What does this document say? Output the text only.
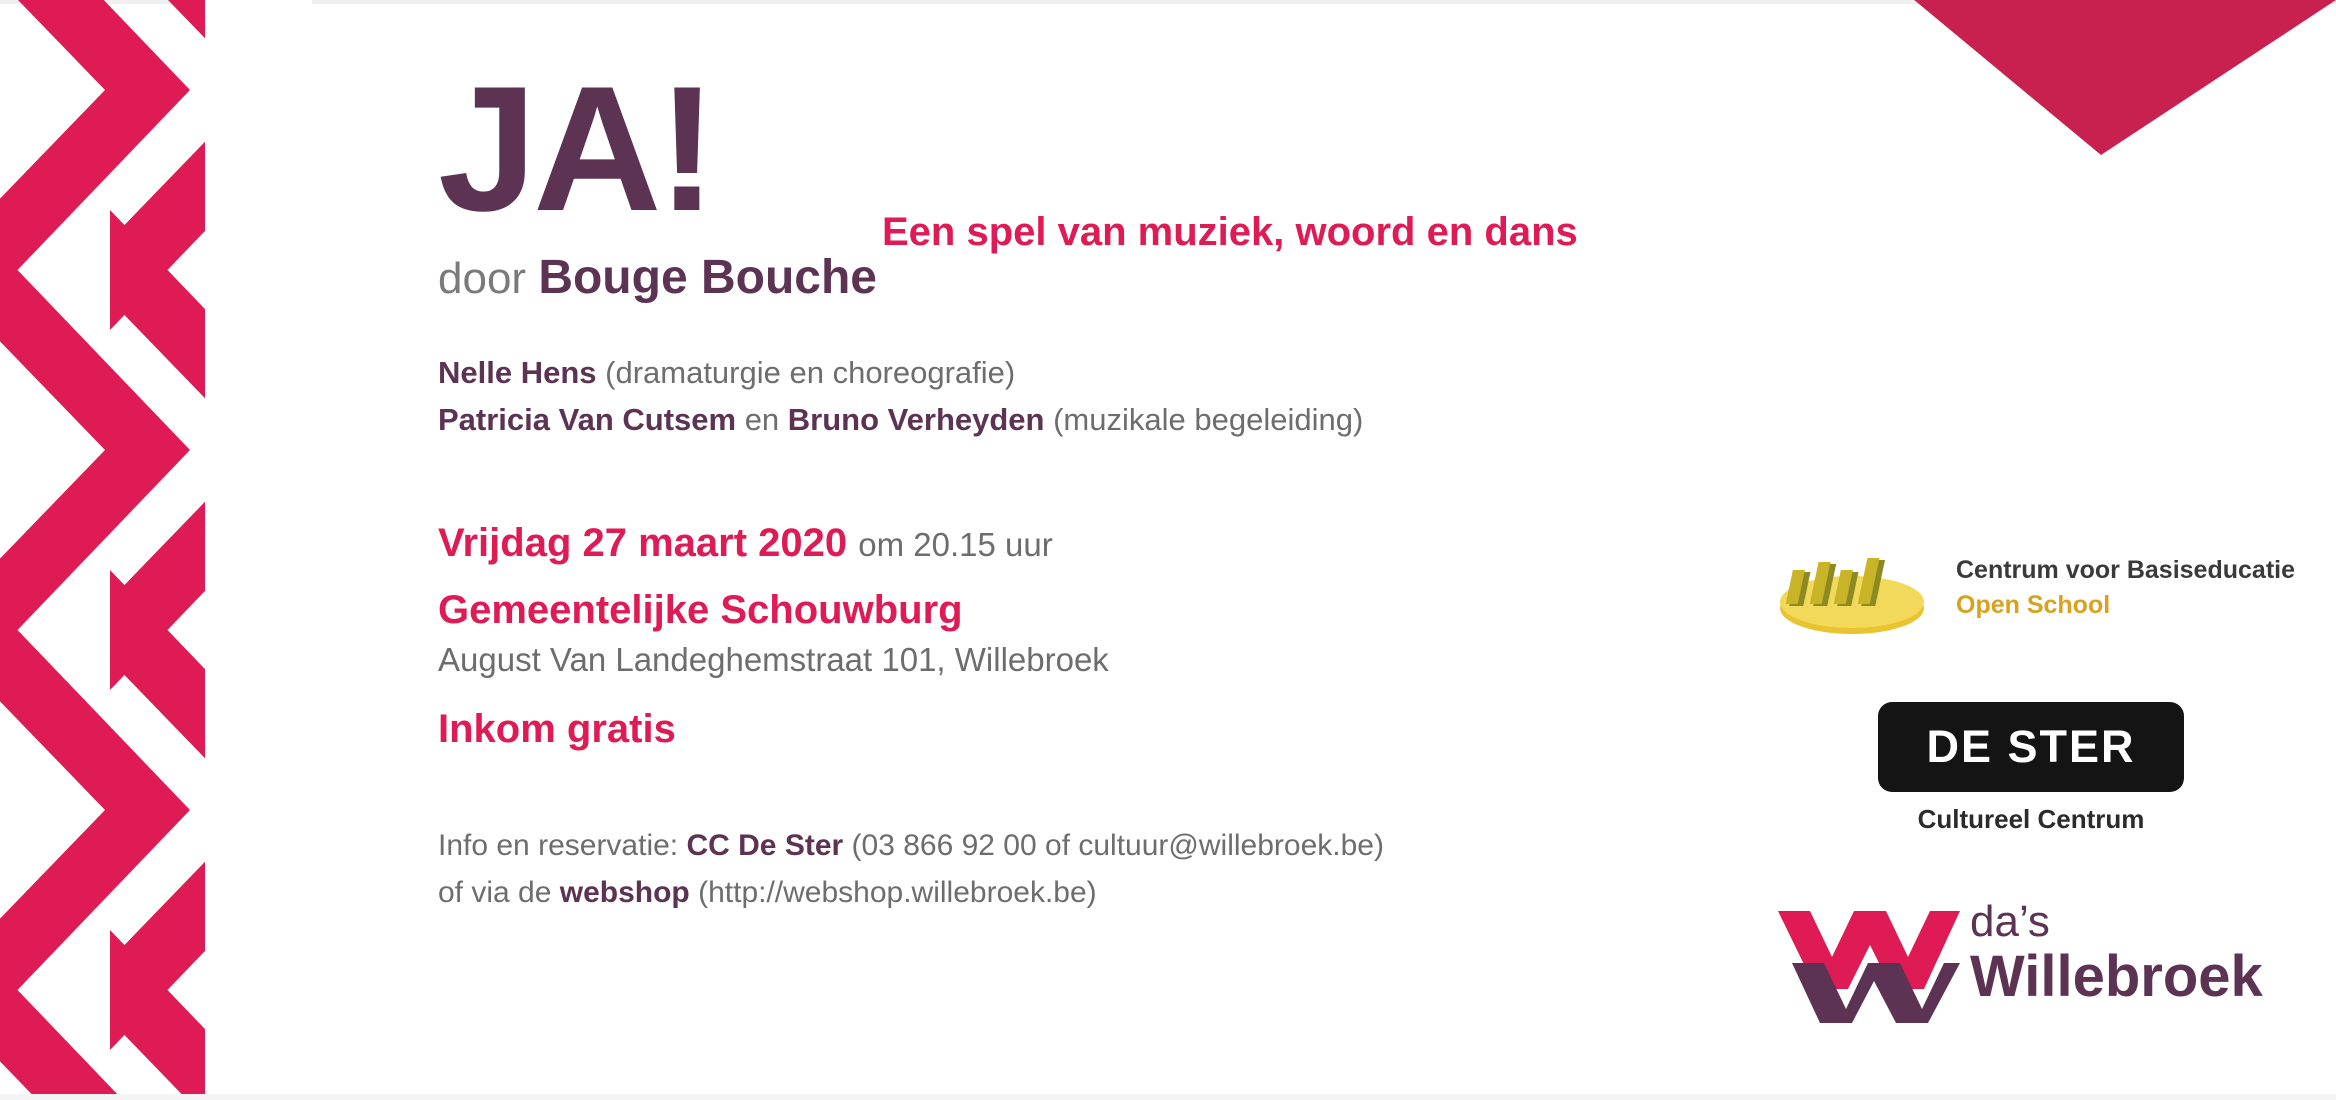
JA!	Een spel van muziek, woord en dans
door Bouge Bouche
Nelle Hens (dramaturgie en choreografie)
Patricia Van Cutsem en Bruno Verheyden (muzikale begeleiding)
Vrijdag 27 maart 2020 om 20.15 uur
Gemeentelijke Schouwburg
August Van Landeghemstraat 101, Willebroek
Inkom gratis
Info en reservatie: CC De Ster (03 866 92 00 of cultuur@willebroek.be)
of via de webshop (http://webshop.willebroek.be)
Centrum voor Basiseducatie
Open School
DE STER
Cultureel Centrum
da’s
Willebroek
